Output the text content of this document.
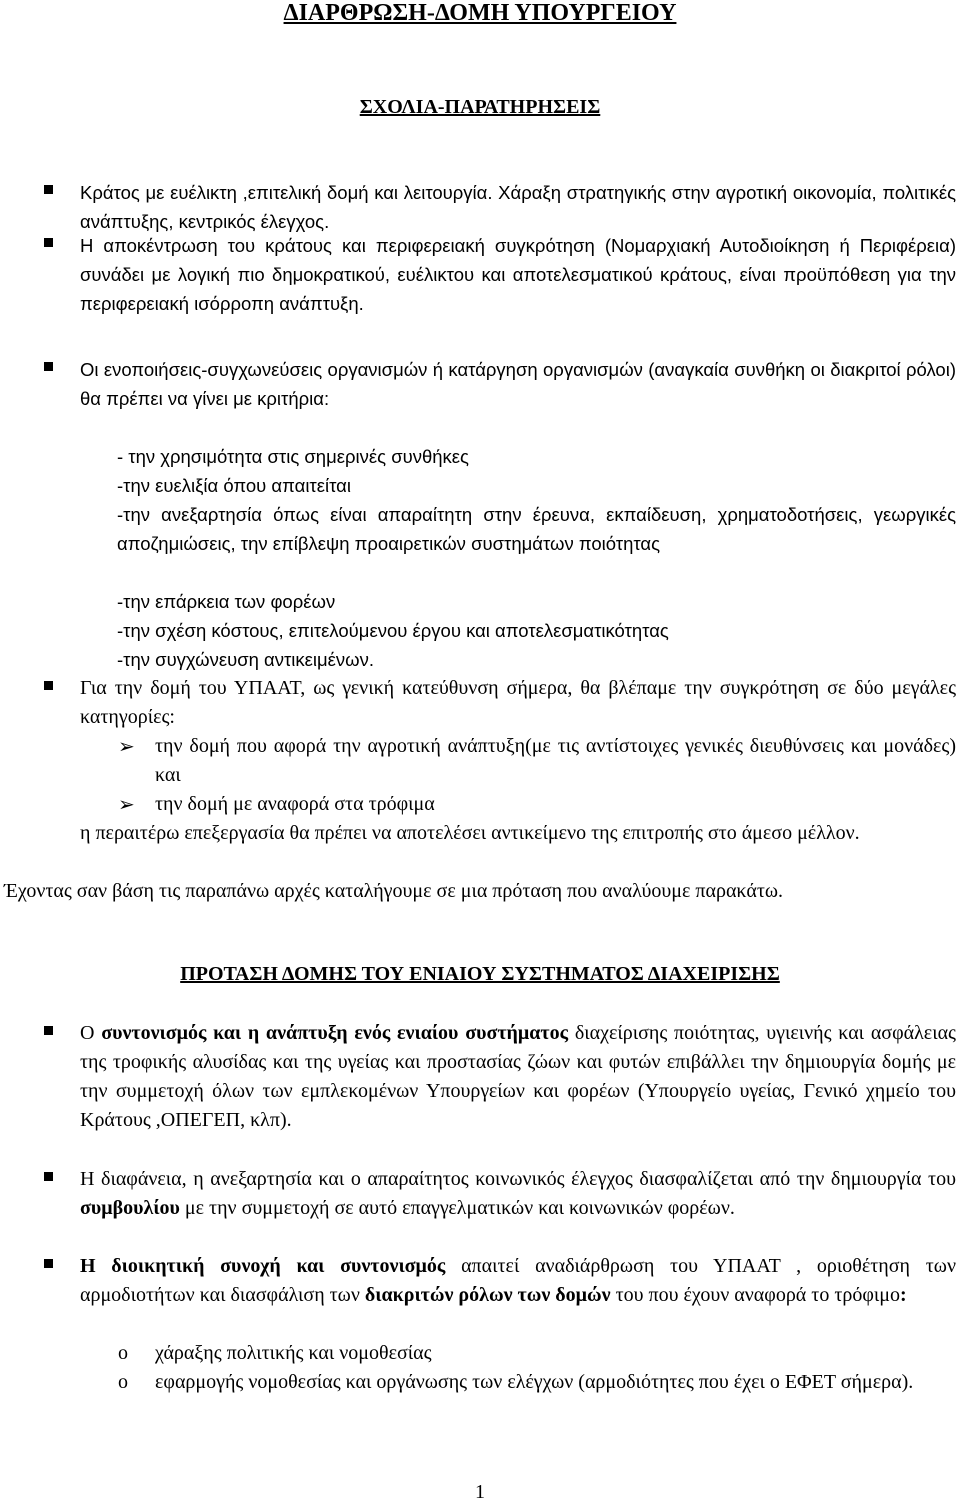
ΔΙΑΡΘΡΩΣΗ-ΔΟΜΗ ΥΠΟΥΡΓΕΙΟΥ
ΣΧΟΛΙΑ-ΠΑΡΑΤΗΡΗΣΕΙΣ
Κράτος με ευέλικτη ,επιτελική δομή και λειτουργία. Χάραξη στρατηγικής στην αγροτική οικονομία, πολιτικές ανάπτυξης, κεντρικός έλεγχος.
Η αποκέντρωση του κράτους και περιφερειακή συγκρότηση (Νομαρχιακή Αυτοδιοίκηση ή Περιφέρεια) συνάδει με λογική πιο δημοκρατικού, ευέλικτου και αποτελεσματικού κράτους, είναι προϋπόθεση για την περιφερειακή ισόρροπη ανάπτυξη.
Οι ενοποιήσεις-συγχωνεύσεις οργανισμών ή κατάργηση οργανισμών (αναγκαία συνθήκη οι διακριτοί ρόλοι) θα πρέπει να γίνει με κριτήρια:
- την χρησιμότητα στις σημερινές συνθήκες
-την ευελιξία όπου απαιτείται
-την ανεξαρτησία όπως είναι απαραίτητη στην έρευνα, εκπαίδευση, χρηματοδοτήσεις, γεωργικές αποζημιώσεις, την επίβλεψη προαιρετικών συστημάτων ποιότητας
-την επάρκεια των φορέων
-την σχέση κόστους, επιτελούμενου έργου και αποτελεσματικότητας
-την συγχώνευση αντικειμένων.
Για την δομή του ΥΠΑΑΤ, ως γενική κατεύθυνση σήμερα, θα βλέπαμε την συγκρότηση σε δύο μεγάλες κατηγορίες:
➢ την δομή που αφορά την αγροτική ανάπτυξη(με τις αντίστοιχες γενικές διευθύνσεις και μονάδες) και
➢ την δομή με αναφορά στα τρόφιμα
η περαιτέρω επεξεργασία θα πρέπει να αποτελέσει αντικείμενο της επιτροπής στο άμεσο μέλλον.
Έχοντας σαν βάση τις παραπάνω αρχές καταλήγουμε σε μια πρόταση που αναλύουμε παρακάτω.
ΠΡΟΤΑΣΗ ΔΟΜΗΣ ΤΟΥ ΕΝΙΑΙΟΥ ΣΥΣΤΗΜΑΤΟΣ ΔΙΑΧΕΙΡΙΣΗΣ
Ο συντονισμός και η ανάπτυξη ενός ενιαίου συστήματος διαχείρισης ποιότητας, υγιεινής και ασφάλειας της τροφικής αλυσίδας και της υγείας και προστασίας ζώων και φυτών επιβάλλει την δημιουργία δομής με την συμμετοχή όλων των εμπλεκομένων Υπουργείων και φορέων (Υπουργείο υγείας, Γενικό χημείο του Κράτους ,ΟΠΕΓΕΠ, κλπ).
Η διαφάνεια, η ανεξαρτησία και ο απαραίτητος κοινωνικός έλεγχος διασφαλίζεται από την δημιουργία του συμβουλίου με την συμμετοχή σε αυτό επαγγελματικών και κοινωνικών φορέων.
Η διοικητική συνοχή και συντονισμός απαιτεί αναδιάρθρωση του ΥΠΑΑΤ , οριοθέτηση των αρμοδιοτήτων και διασφάλιση των διακριτών ρόλων των δομών του που έχουν αναφορά το τρόφιμο:
o χάραξης πολιτικής και νομοθεσίας
o εφαρμογής νομοθεσίας και οργάνωσης των ελέγχων (αρμοδιότητες που έχει ο ΕΦΕΤ σήμερα).
1
